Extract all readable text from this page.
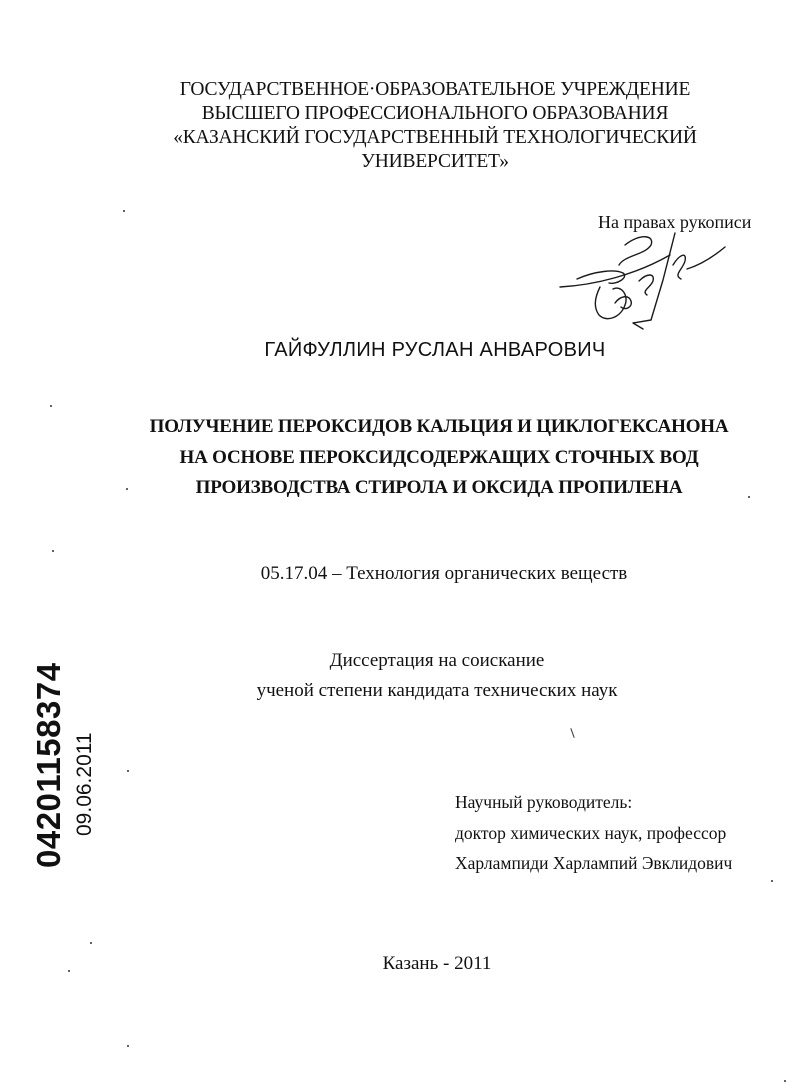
ГОСУДАРСТВЕННОЕ·ОБРАЗОВАТЕЛЬНОЕ УЧРЕЖДЕНИЕ
ВЫСШЕГО ПРОФЕССИОНАЛЬНОГО ОБРАЗОВАНИЯ
«КАЗАНСКИЙ ГОСУДАРСТВЕННЫЙ ТЕХНОЛОГИЧЕСКИЙ
УНИВЕРСИТЕТ»
На правах рукописи
ГАЙФУЛЛИН РУСЛАН АНВАРОВИЧ
ПОЛУЧЕНИЕ ПЕРОКСИДОВ КАЛЬЦИЯ И ЦИКЛОГЕКСАНОНА
НА ОСНОВЕ ПЕРОКСИДСОДЕРЖАЩИХ СТОЧНЫХ ВОД
ПРОИЗВОДСТВА СТИРОЛА И ОКСИДА ПРОПИЛЕНА
05.17.04 – Технология органических веществ
Диссертация на соискание
ученой степени кандидата технических наук
Научный руководитель:
доктор химических наук, профессор
Харлампиди Харлампий Эвклидович
Казань - 2011
04201158374 09.06.2011
